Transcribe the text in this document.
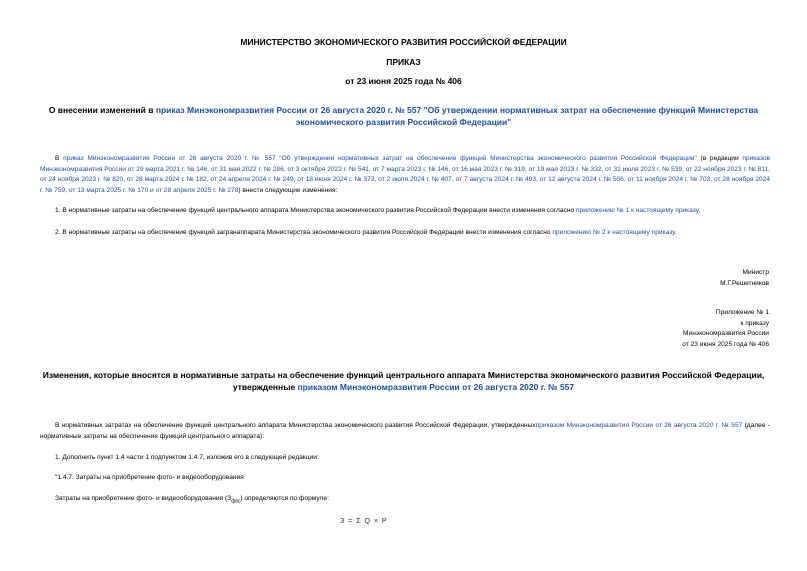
МИНИСТЕРСТВО ЭКОНОМИЧЕСКОГО РАЗВИТИЯ РОССИЙСКОЙ ФЕДЕРАЦИИ
ПРИКАЗ
от 23 июня 2025 года № 406
О внесении изменений в приказ Минэкономразвития России от 26 августа 2020 г. № 557 "Об утверждении нормативных затрат на обеспечение функций Министерства экономического развития Российской Федерации"
В приказ Минэкономразвития России от 26 августа 2020 г. № 557 "Об утверждении нормативных затрат на обеспечение функций Министерства экономического развития Российской Федерации" (в редакции приказов Минэкономразвития России от 29 марта 2021 г. № 146, от 31 мая 2022 г. № 286, от 3 октября 2022 г. № 541, от 7 марта 2023 г. № 146, от 16 мая 2023 г. № 319, от 19 мая 2023 г. № 332, от 31 июля 2023 г. № 539, от 22 ноября 2023 г. № 811, от 24 ноября 2023 г. № 820, от 28 марта 2024 г. № 182, от 24 апреля 2024 г. № 249, от 18 июня 2024 г. № 373, от 2 июля 2024 г. № 407, от 7 августа 2024 г. № 493, от 12 августа 2024 г. № 506, от 11 ноября 2024 г. № 703, от 28 ноября 2024 г. № 759, от 13 марта 2025 г. № 170 и от 28 апреля 2025 г. № 278) внести следующие изменения:
1. В нормативные затраты на обеспечение функций центрального аппарата Министерства экономического развития Российской Федерации внести изменения согласно приложению № 1 к настоящему приказу.
2. В нормативные затраты на обеспечение функций загранаппарата Министерства экономического развития Российской Федерации внести изменения согласно приложению № 2 к настоящему приказу.
Министр
М.Г.Решетников
Приложение № 1
к приказу
Минэкономразвития России
от 23 июня 2025 года № 406
Изменения, которые вносятся в нормативные затраты на обеспечение функций центрального аппарата Министерства экономического развития Российской Федерации, утвержденные приказом Минэкономразвития России от 26 августа 2020 г. № 557
В нормативных затратах на обеспечение функций центрального аппарата Министерства экономического развития Российской Федерации, утвержденныхприказом Минэкономразвития России от 26 августа 2020 г. № 557 (далее - нормативные затраты на обеспечение функций центрального аппарата):
1. Дополнить пункт 1.4 части 1 подпунктом 1.4.7, изложив его в следующей редакции:
"1.4.7. Затраты на приобретение фото- и видеооборудования
Затраты на приобретение фото- и видеооборудования $(З_{фвс})$ определяются по формуле:
З = Σ Q × P
